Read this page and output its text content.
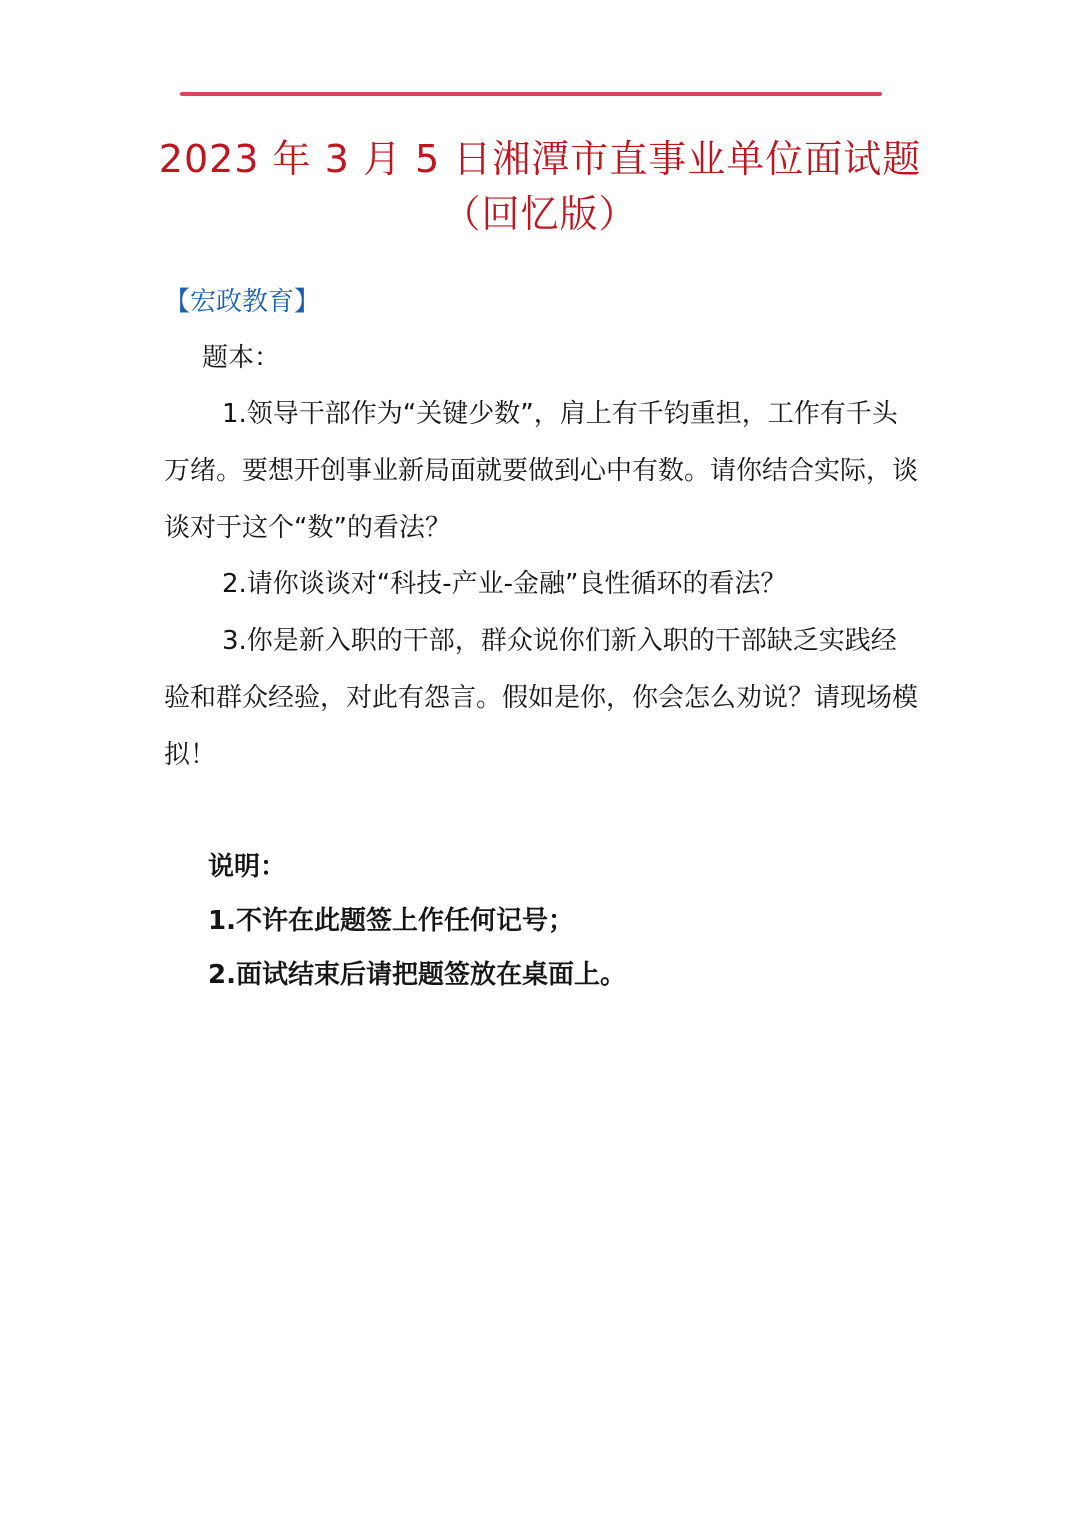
2023 年 3 月 5 日湘潭市直事业单位面试题
（回忆版）
【宏政教育】
题本：
1.领导干部作为“关键少数”，肩上有千钧重担，工作有千头万绪。要想开创事业新局面就要做到心中有数。请你结合实际，谈谈对于这个“数”的看法？
2.请你谈谈对“科技-产业-金融”良性循环的看法？
3.你是新入职的干部，群众说你们新入职的干部缺乏实践经验和群众经验，对此有怨言。假如是你，你会怎么劝说？请现场模拟！
说明：
1.不许在此题签上作任何记号；
2.面试结束后请把题签放在桌面上。
